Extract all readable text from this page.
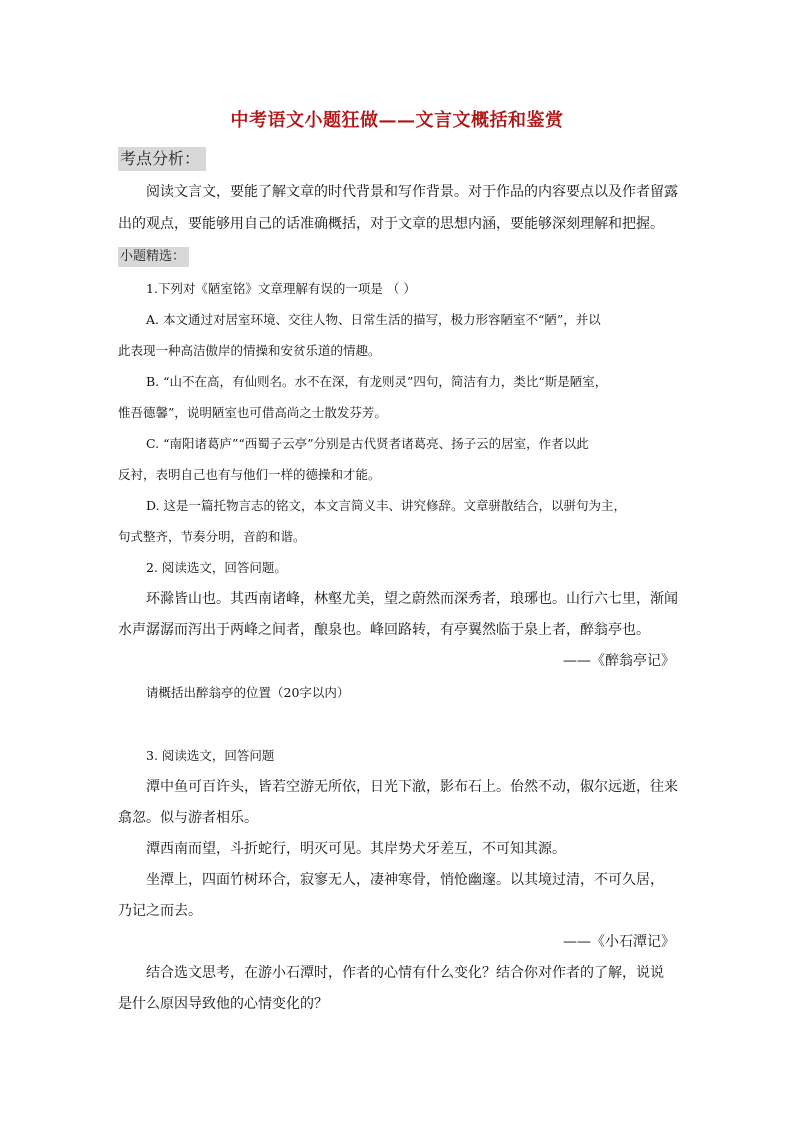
中考语文小题狂做——文言文概括和鉴赏
考点分析：
阅读文言文，要能了解文章的时代背景和写作背景。对于作品的内容要点以及作者留露
出的观点，要能够用自己的话准确概括，对于文章的思想内涵，要能够深刻理解和把握。
小题精选：
1.下列对《陋室铭》文章理解有误的一项是 （ ）
A. 本文通过对居室环境、交往人物、日常生活的描写，极力形容陋室不“陋”，并以
此表现一种高洁傲岸的情操和安贫乐道的情趣。
B. “山不在高，有仙则名。水不在深，有龙则灵”四句，简洁有力，类比“斯是陋室，
惟吾德馨”，说明陋室也可借高尚之士散发芬芳。
C. “南阳诸葛庐”“西蜀子云亭”分别是古代贤者诸葛亮、扬子云的居室，作者以此
反衬，表明自己也有与他们一样的德操和才能。
D. 这是一篇托物言志的铭文，本文言简义丰、讲究修辞。文章骈散结合，以骈句为主，
句式整齐，节奏分明，音韵和谐。
2. 阅读选文，回答问题。
环滁皆山也。其西南诸峰，林壑尤美，望之蔚然而深秀者，琅琊也。山行六七里，渐闻
水声潺潺而泻出于两峰之间者，酿泉也。峰回路转，有亭翼然临于泉上者，醉翁亭也。
——《醉翁亭记》
请概括出醉翁亭的位置（20字以内）
3. 阅读选文，回答问题
潭中鱼可百许头，皆若空游无所依，日光下澈，影布石上。佁然不动，俶尔远逝，往来
翕忽。似与游者相乐。
潭西南而望，斗折蛇行，明灭可见。其岸势犬牙差互，不可知其源。
坐潭上，四面竹树环合，寂寥无人，凄神寒骨，悄怆幽邃。以其境过清，不可久居，
乃记之而去。
——《小石潭记》
结合选文思考，在游小石潭时，作者的心情有什么变化？结合你对作者的了解，说说
是什么原因导致他的心情变化的？
